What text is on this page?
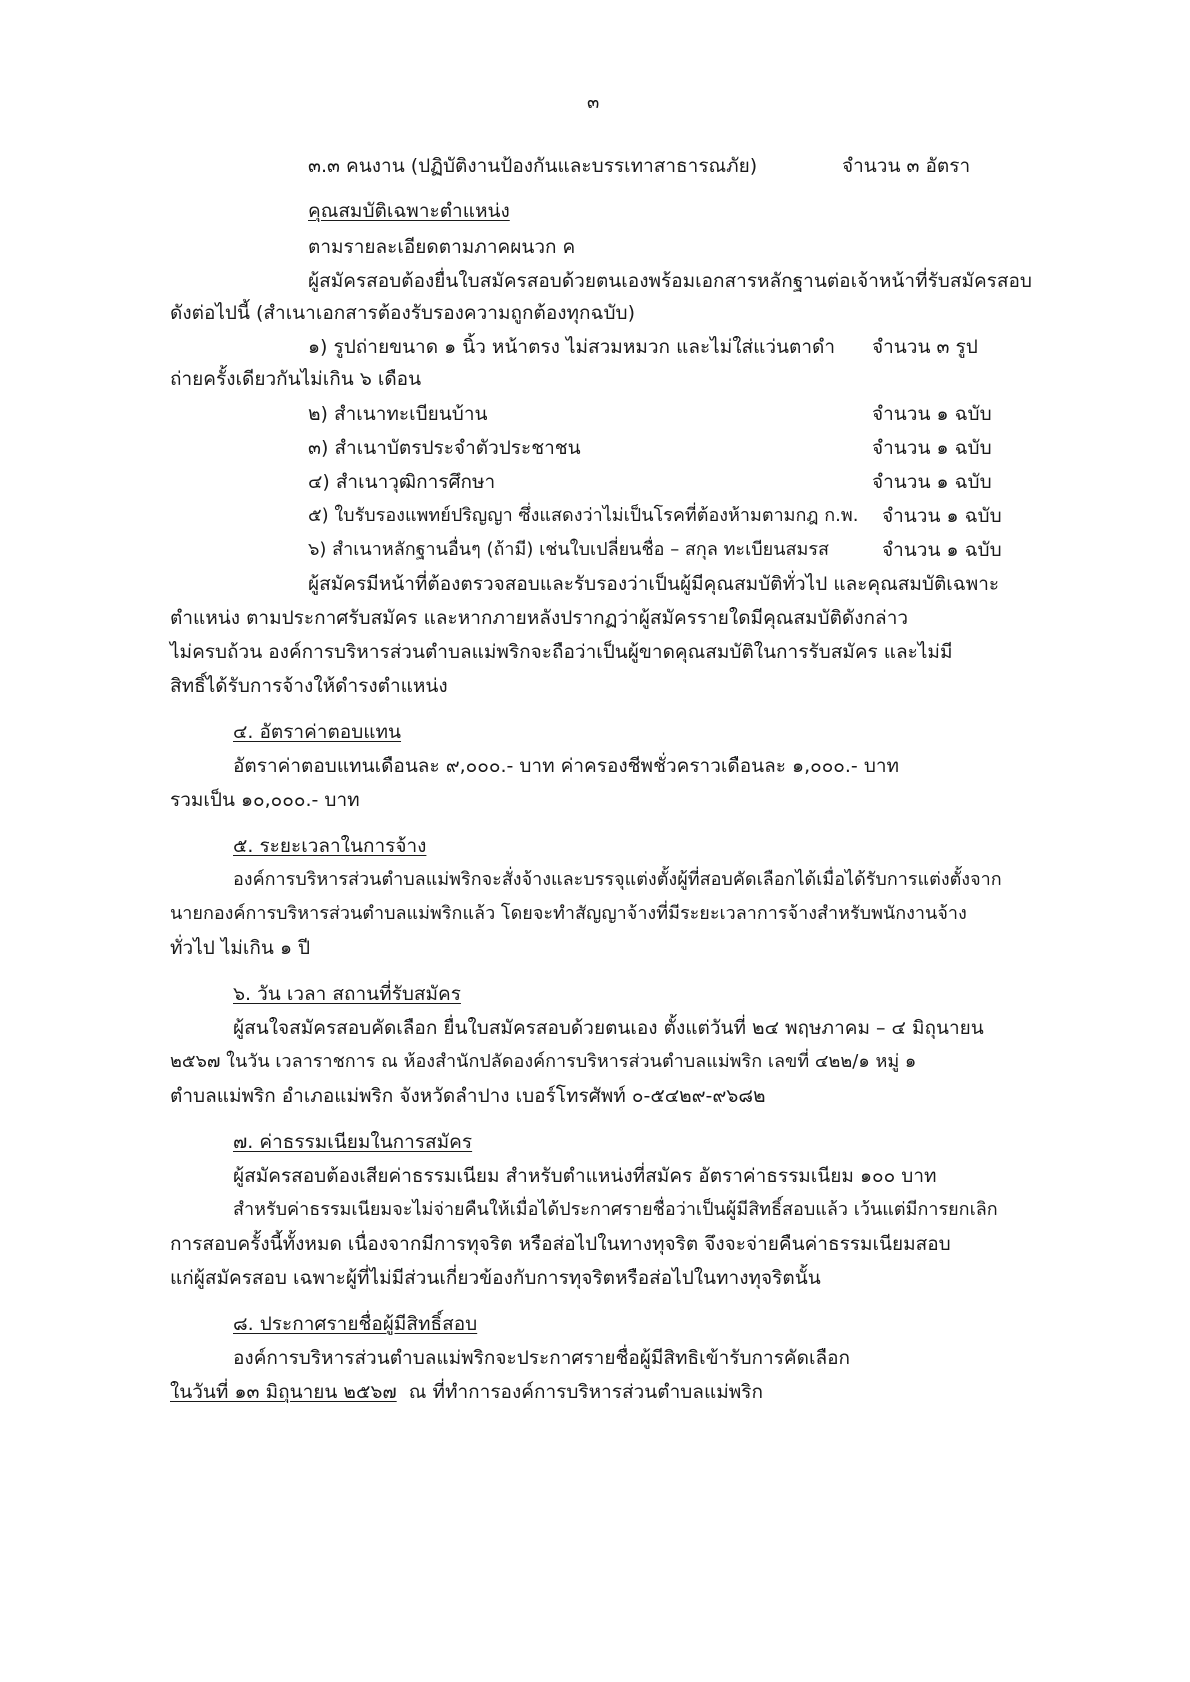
๓
๓.๓ คนงาน (ปฏิบัติงานป้องกันและบรรเทาสาธารณภัย)	จำนวน ๓ อัตรา
คุณสมบัติเฉพาะตำแหน่ง
ตามรายละเอียดตามภาคผนวก ค
ผู้สมัครสอบต้องยื่นใบสมัครสอบด้วยตนเองพร้อมเอกสารหลักฐานต่อเจ้าหน้าที่รับสมัครสอบ
ดังต่อไปนี้ (สำเนาเอกสารต้องรับรองความถูกต้องทุกฉบับ)
๑) รูปถ่ายขนาด ๑ นิ้ว หน้าตรง ไม่สวมหมวก และไม่ใส่แว่นตาดำ จำนวน ๓ รูป
ถ่ายครั้งเดียวกันไม่เกิน ๖ เดือน
๒) สำเนาทะเบียนบ้าน	จำนวน ๑ ฉบับ
๓) สำเนาบัตรประจำตัวประชาชน	จำนวน ๑ ฉบับ
๔) สำเนาวุฒิการศึกษา	จำนวน ๑ ฉบับ
๕) ใบรับรองแพทย์ปริญญา ซึ่งแสดงว่าไม่เป็นโรคที่ต้องห้ามตามกฎ ก.พ. จำนวน ๑ ฉบับ
๖) สำเนาหลักฐานอื่นๆ (ถ้ามี) เช่นใบเปลี่ยนชื่อ – สกุล ทะเบียนสมรส	จำนวน ๑ ฉบับ
ผู้สมัครมีหน้าที่ต้องตรวจสอบและรับรองว่าเป็นผู้มีคุณสมบัติทั่วไป และคุณสมบัติเฉพาะ
ตำแหน่ง ตามประกาศรับสมัคร และหากภายหลังปรากฏว่าผู้สมัครรายใดมีคุณสมบัติดังกล่าว
ไม่ครบถ้วน องค์การบริหารส่วนตำบลแม่พริกจะถือว่าเป็นผู้ขาดคุณสมบัติในการรับสมัคร และไม่มี
สิทธิ์ได้รับการจ้างให้ดำรงตำแหน่ง
๔. อัตราค่าตอบแทน
อัตราค่าตอบแทนเดือนละ ๙,๐๐๐.- บาท ค่าครองชีพชั่วคราวเดือนละ ๑,๐๐๐.- บาท
รวมเป็น ๑๐,๐๐๐.- บาท
๕. ระยะเวลาในการจ้าง
องค์การบริหารส่วนตำบลแม่พริกจะสั่งจ้างและบรรจุแต่งตั้งผู้ที่สอบคัดเลือกได้เมื่อได้รับการแต่งตั้งจาก
นายกองค์การบริหารส่วนตำบลแม่พริกแล้ว โดยจะทำสัญญาจ้างที่มีระยะเวลาการจ้างสำหรับพนักงานจ้าง
ทั่วไป ไม่เกิน ๑ ปี
๖. วัน เวลา สถานที่รับสมัคร
ผู้สนใจสมัครสอบคัดเลือก ยื่นใบสมัครสอบด้วยตนเอง ตั้งแต่วันที่ ๒๔ พฤษภาคม – ๔ มิถุนายน
๒๕๖๗ ในวัน เวลาราชการ ณ ห้องสำนักปลัดองค์การบริหารส่วนตำบลแม่พริก เลขที่ ๔๒๒/๑ หมู่ ๑
ตำบลแม่พริก อำเภอแม่พริก จังหวัดลำปาง เบอร์โทรศัพท์ ๐-๕๔๒๙-๙๖๘๒
๗. ค่าธรรมเนียมในการสมัคร
ผู้สมัครสอบต้องเสียค่าธรรมเนียม สำหรับตำแหน่งที่สมัคร อัตราค่าธรรมเนียม ๑๐๐ บาท
สำหรับค่าธรรมเนียมจะไม่จ่ายคืนให้เมื่อได้ประกาศรายชื่อว่าเป็นผู้มีสิทธิ์สอบแล้ว เว้นแต่มีการยกเลิก
การสอบครั้งนี้ทั้งหมด เนื่องจากมีการทุจริต หรือส่อไปในทางทุจริต จึงจะจ่ายคืนค่าธรรมเนียมสอบ
แก่ผู้สมัครสอบ เฉพาะผู้ที่ไม่มีส่วนเกี่ยวข้องกับการทุจริตหรือส่อไปในทางทุจริตนั้น
๘. ประกาศรายชื่อผู้มีสิทธิ์สอบ
องค์การบริหารส่วนตำบลแม่พริกจะประกาศรายชื่อผู้มีสิทธิเข้ารับการคัดเลือก
ในวันที่ ๑๓ มิถุนายน ๒๕๖๗ ณ ที่ทำการองค์การบริหารส่วนตำบลแม่พริก
